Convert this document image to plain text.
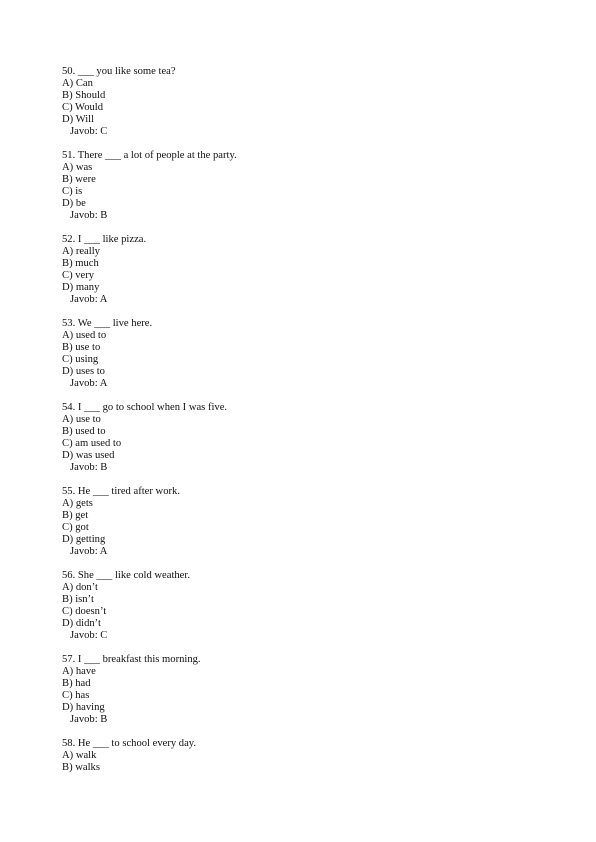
50. ___ you like some tea?
A) Can
B) Should
C) Would
D) Will
Javob: C
51. There ___ a lot of people at the party.
A) was
B) were
C) is
D) be
Javob: B
52. I ___ like pizza.
A) really
B) much
C) very
D) many
Javob: A
53. We ___ live here.
A) used to
B) use to
C) using
D) uses to
Javob: A
54. I ___ go to school when I was five.
A) use to
B) used to
C) am used to
D) was used
Javob: B
55. He ___ tired after work.
A) gets
B) get
C) got
D) getting
Javob: A
56. She ___ like cold weather.
A) don’t
B) isn’t
C) doesn’t
D) didn’t
Javob: C
57. I ___ breakfast this morning.
A) have
B) had
C) has
D) having
Javob: B
58. He ___ to school every day.
A) walk
B) walks
